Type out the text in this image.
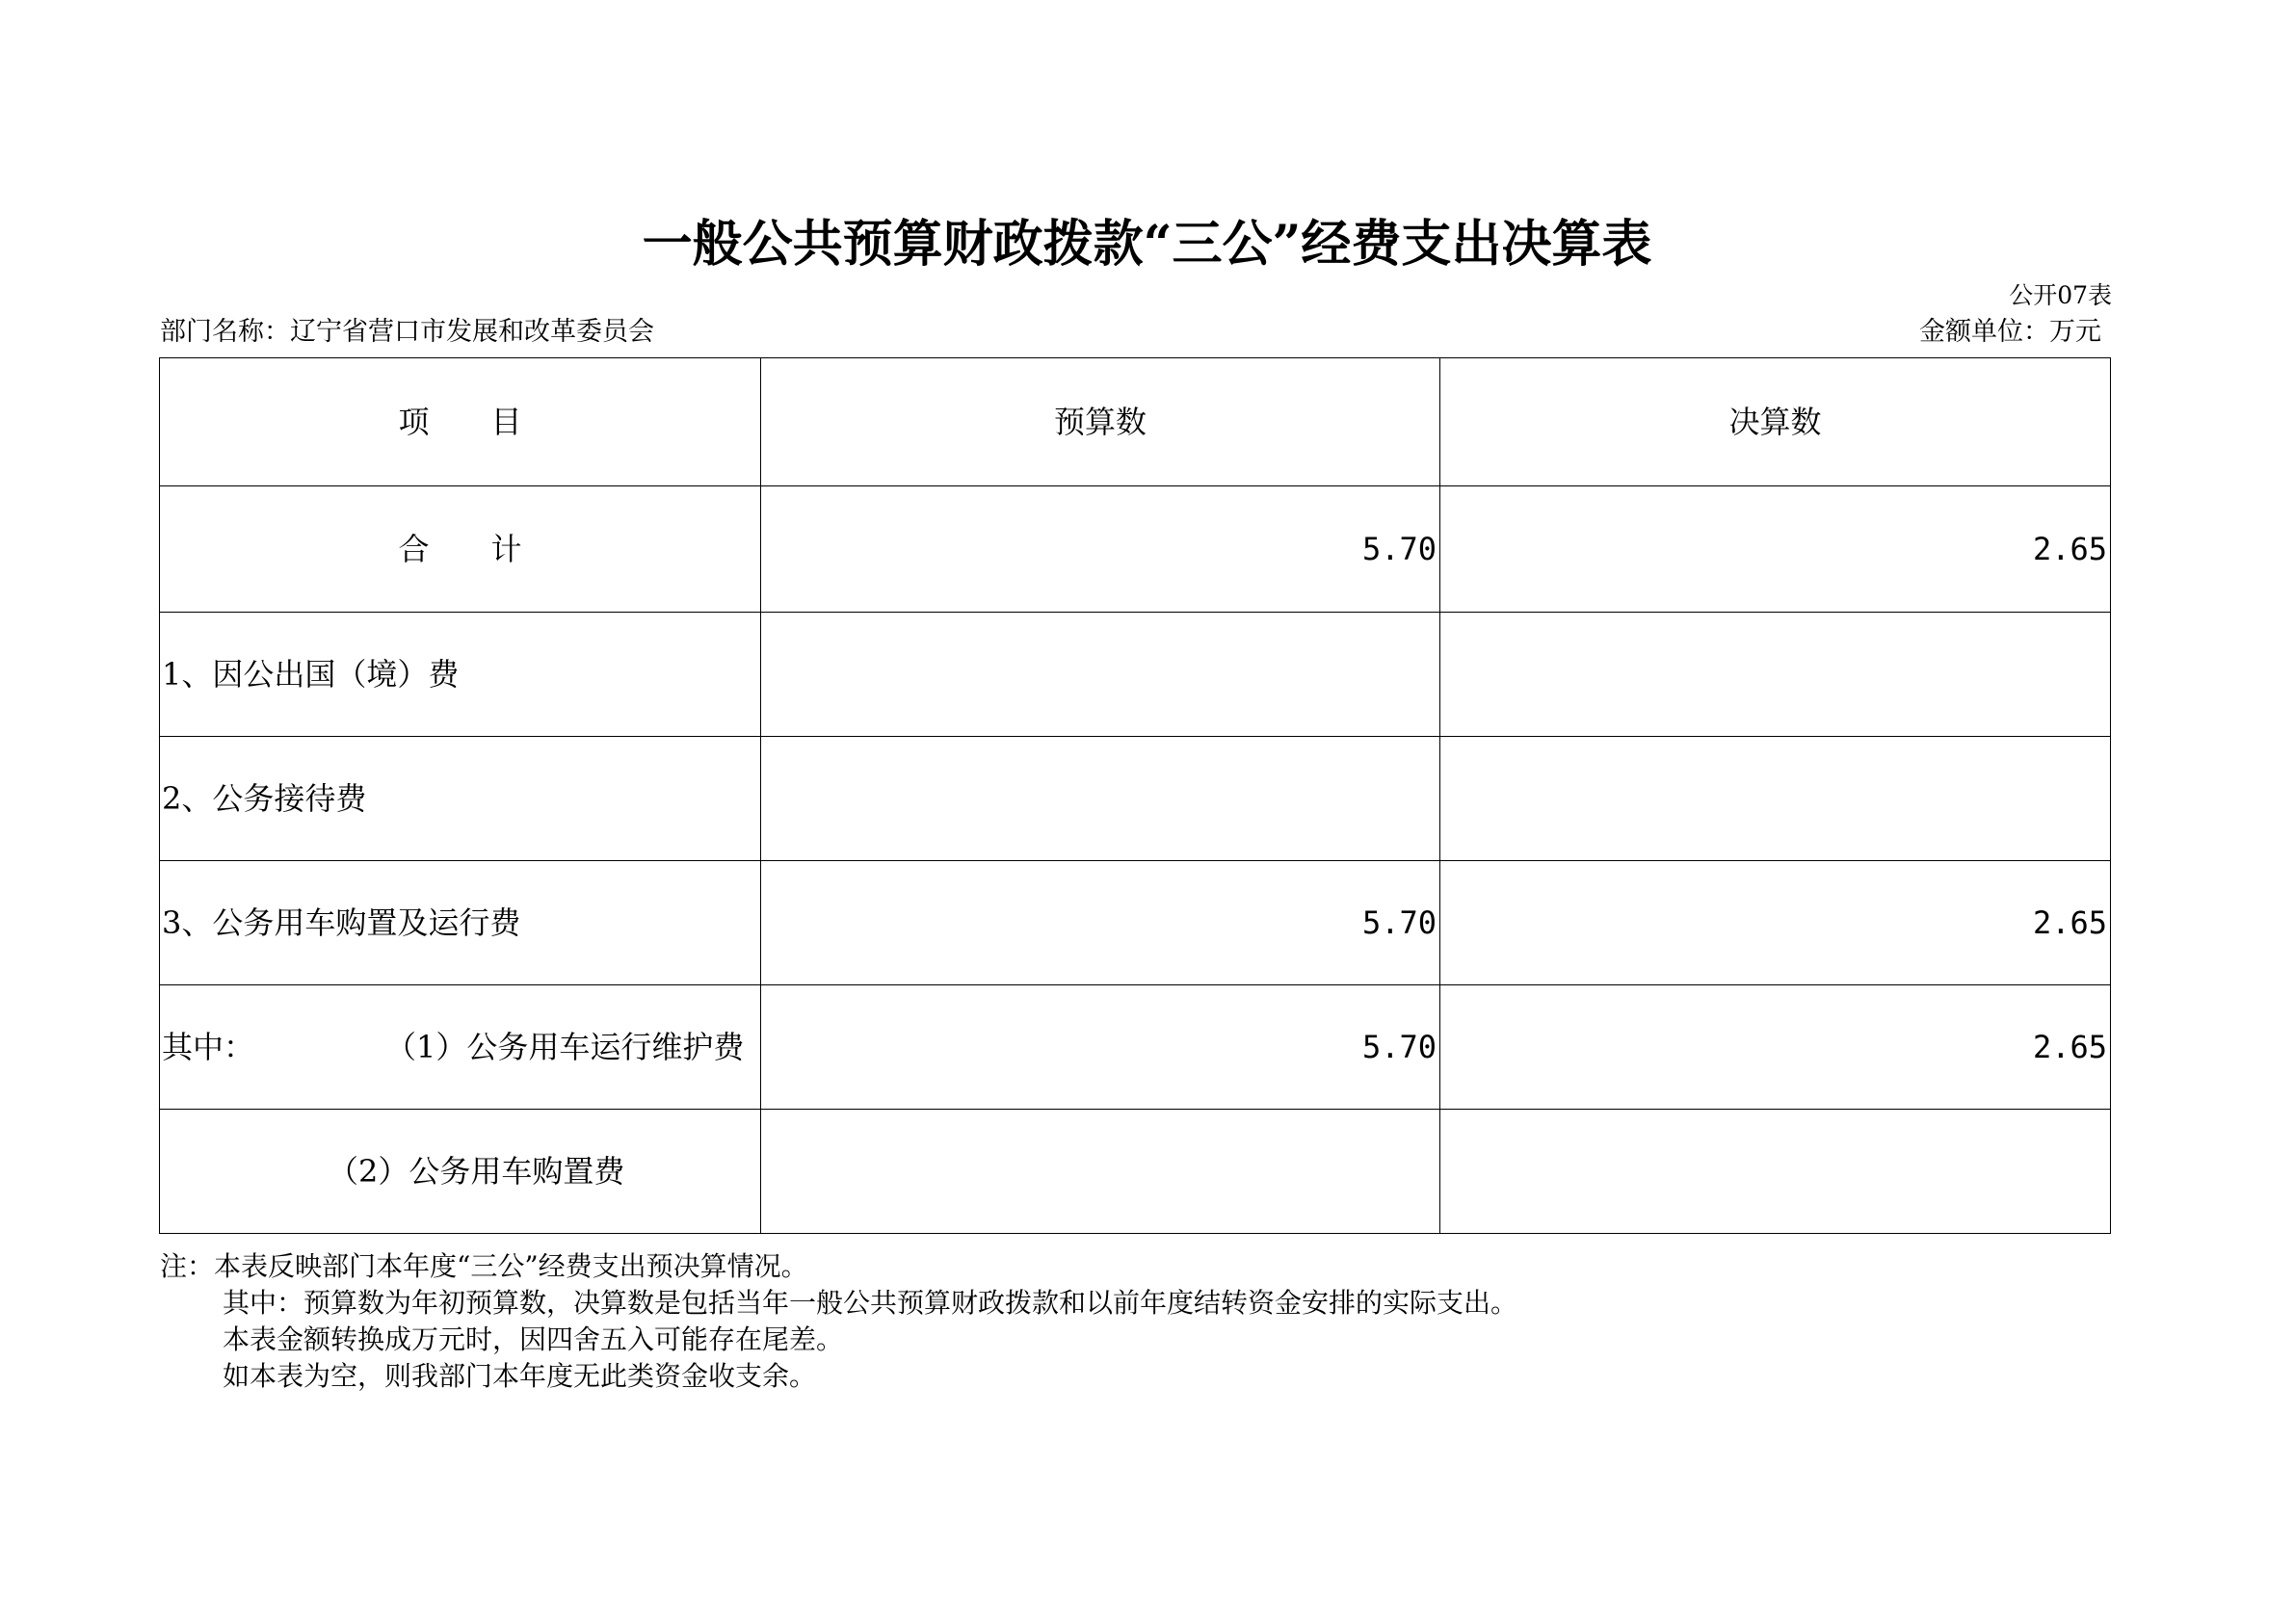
一般公共预算财政拨款“三公”经费支出决算表
公开07表
部门名称：辽宁省营口市发展和改革委员会	金额单位：万元
项 目	预算数	决算数
合 计	5.70	2.65
1、因公出国（境）费		
2、公务接待费		
3、公务用车购置及运行费	5.70	2.65
其中： （1）公务用车运行维护费	5.70	2.65
（2）公务用车购置费		
注：本表反映部门本年度“三公”经费支出预决算情况。
其中：预算数为年初预算数，决算数是包括当年一般公共预算财政拨款和以前年度结转资金安排的实际支出。
本表金额转换成万元时，因四舍五入可能存在尾差。
如本表为空，则我部门本年度无此类资金收支余。
